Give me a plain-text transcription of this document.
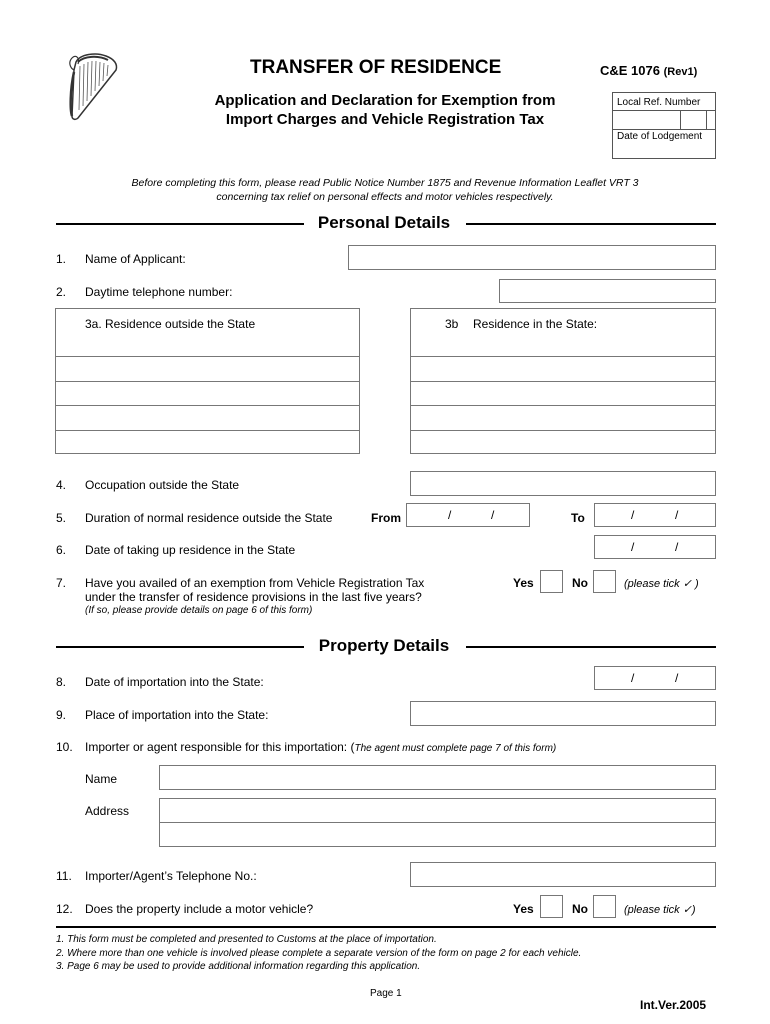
TRANSFER OF RESIDENCE	C&E 1076 (Rev1)
Application and Declaration for Exemption from
Import Charges and Vehicle Registration Tax
Local Ref. Number
Date of Lodgement
Before completing this form, please read Public Notice Number 1875 and Revenue Information Leaflet VRT 3
concerning tax relief on personal effects and motor vehicles respectively.
Personal Details
1. Name of Applicant:
2. Daytime telephone number:
3a. Residence outside the State	3b Residence in the State:
4. Occupation outside the State
5. Duration of normal residence outside the State	From	/	/	To	/	/
6. Date of taking up residence in the State	/	/
7. Have you availed of an exemption from Vehicle Registration Tax
under the transfer of residence provisions in the last five years?
(If so, please provide details on page 6 of this form)
Yes	No	(please tick ✓ )
Property Details
8. Date of importation into the State:	/	/
9. Place of importation into the State:
10. Importer or agent responsible for this importation: (The agent must complete page 7 of this form)
Name
Address
11. Importer/Agent’s Telephone No.:
12. Does the property include a motor vehicle?	Yes	No	(please tick ✓)
1. This form must be completed and presented to Customs at the place of importation.
2. Where more than one vehicle is involved please complete a separate version of the form on page 2 for each vehicle.
3. Page 6 may be used to provide additional information regarding this application.
Page 1
Int.Ver.2005
